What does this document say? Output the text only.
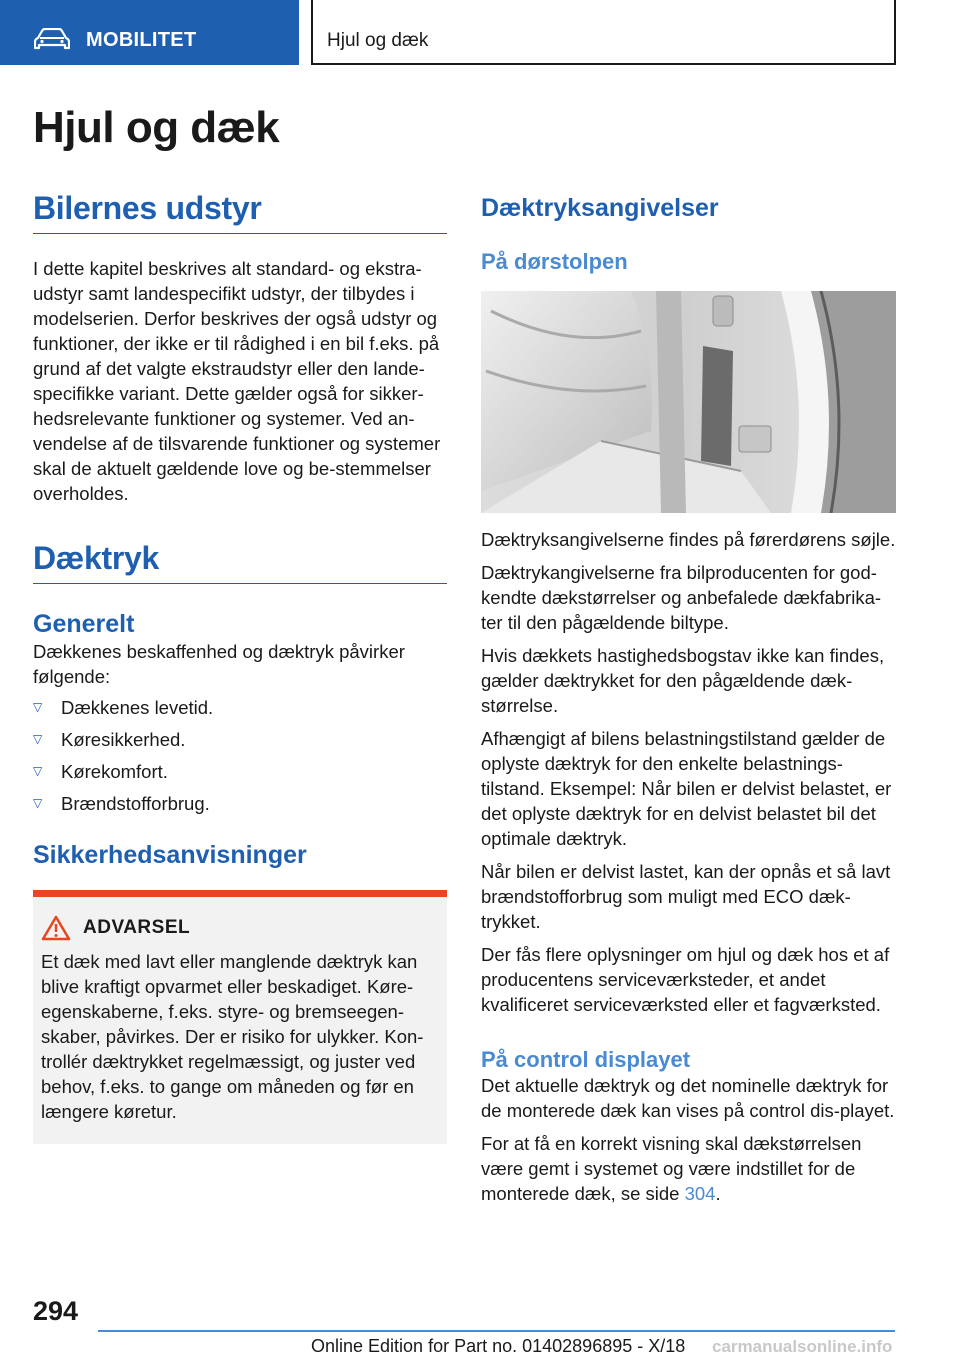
MOBILITET	Hjul og dæk
Hjul og dæk
Bilernes udstyr

I dette kapitel beskrives alt standard- og ekstra-udstyr samt landespecifikt udstyr, der tilbydes i modelserien. Derfor beskrives der også udstyr og funktioner, der ikke er til rådighed i en bil f.eks. på grund af det valgte ekstraudstyr eller den lande-specifikke variant. Dette gælder også for sikker-hedsrelevante funktioner og systemer. Ved an-vendelse af de tilsvarende funktioner og systemer skal de aktuelt gældende love og be-stemmelser overholdes.

Dæktryk
Generelt

Dækkenes beskaffenhed og dæktryk påvirker følgende:

▽	Dækkenes levetid.
▽	Køresikkerhed.
▽	Kørekomfort.
▽	Brændstofforbrug.
Sikkerhedsanvisninger
ADVARSEL

Et dæk med lavt eller manglende dæktryk kan blive kraftigt opvarmet eller beskadiget. Køre-egenskaberne, f.eks. styre- og bremseegen-skaber, påvirkes. Der er risiko for ulykker. Kon-trollér dæktrykket regelmæssigt, og juster ved behov, f.eks. to gange om måneden og før en længere køretur.

Dæktryksangivelser
På dørstolpen

Dæktryksangivelserne findes på førerdørens søjle.

Dæktrykangivelserne fra bilproducenten for god-kendte dækstørrelser og anbefalede dækfabrika-ter til den pågældende biltype.

Hvis dækkets hastighedsbogstav ikke kan findes, gælder dæktrykket for den pågældende dæk-størrelse.

Afhængigt af bilens belastningstilstand gælder de oplyste dæktryk for den enkelte belastnings-tilstand. Eksempel: Når bilen er delvist belastet, er det oplyste dæktryk for en delvist belastet bil det optimale dæktryk.

Når bilen er delvist lastet, kan der opnås et så lavt brændstofforbrug som muligt med ECO dæk-trykket.

Der fås flere oplysninger om hjul og dæk hos et af producentens serviceværksteder, et andet kvalificeret serviceværksted eller et fagværksted.

På control displayet

Det aktuelle dæktryk og det nominelle dæktryk for de monterede dæk kan vises på control dis-playet.

For at få en korrekt visning skal dækstørrelsen være gemt i systemet og være indstillet for de monterede dæk, se side 304.

294
Online Edition for Part no. 01402896895 - X/18 carmanualsonline.info
